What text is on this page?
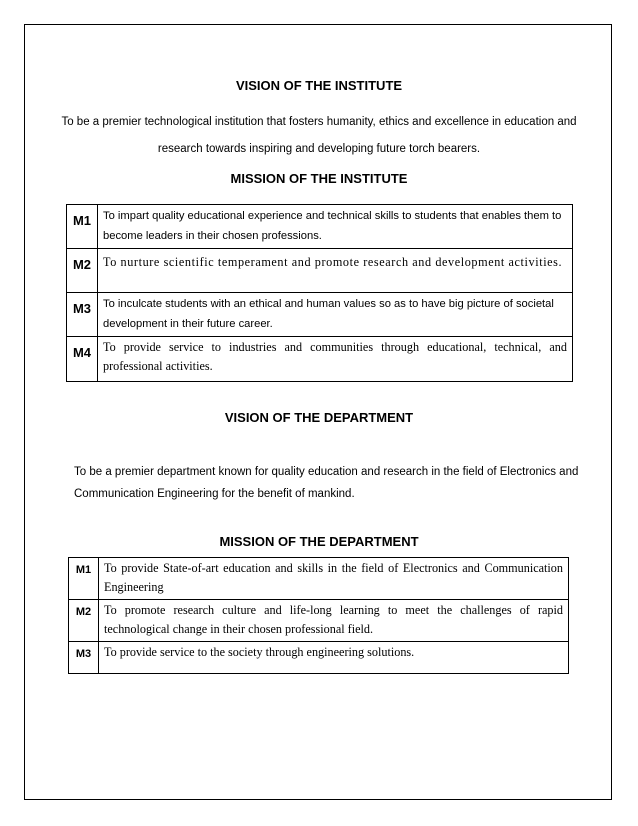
VISION OF THE INSTITUTE
To be a premier technological institution that fosters humanity, ethics and excellence in education and research towards inspiring and developing future torch bearers.
MISSION OF THE INSTITUTE
M1	To impart quality educational experience and technical skills to students that enables them to become leaders in their chosen professions.
M2	To nurture scientific temperament and promote research and development activities.
M3	To inculcate students with an ethical and human values so as to have big picture of societal development in their future career.
M4	To provide service to industries and communities through educational, technical, and professional activities.
VISION OF THE DEPARTMENT
To be a premier department known for quality education and research in the field of Electronics and Communication Engineering for the benefit of mankind.
MISSION OF THE DEPARTMENT
M1	To provide State-of-art education and skills in the field of Electronics and Communication Engineering
M2	To promote research culture and life-long learning to meet the challenges of rapid technological change in their chosen professional field.
M3	To provide service to the society through engineering solutions.
